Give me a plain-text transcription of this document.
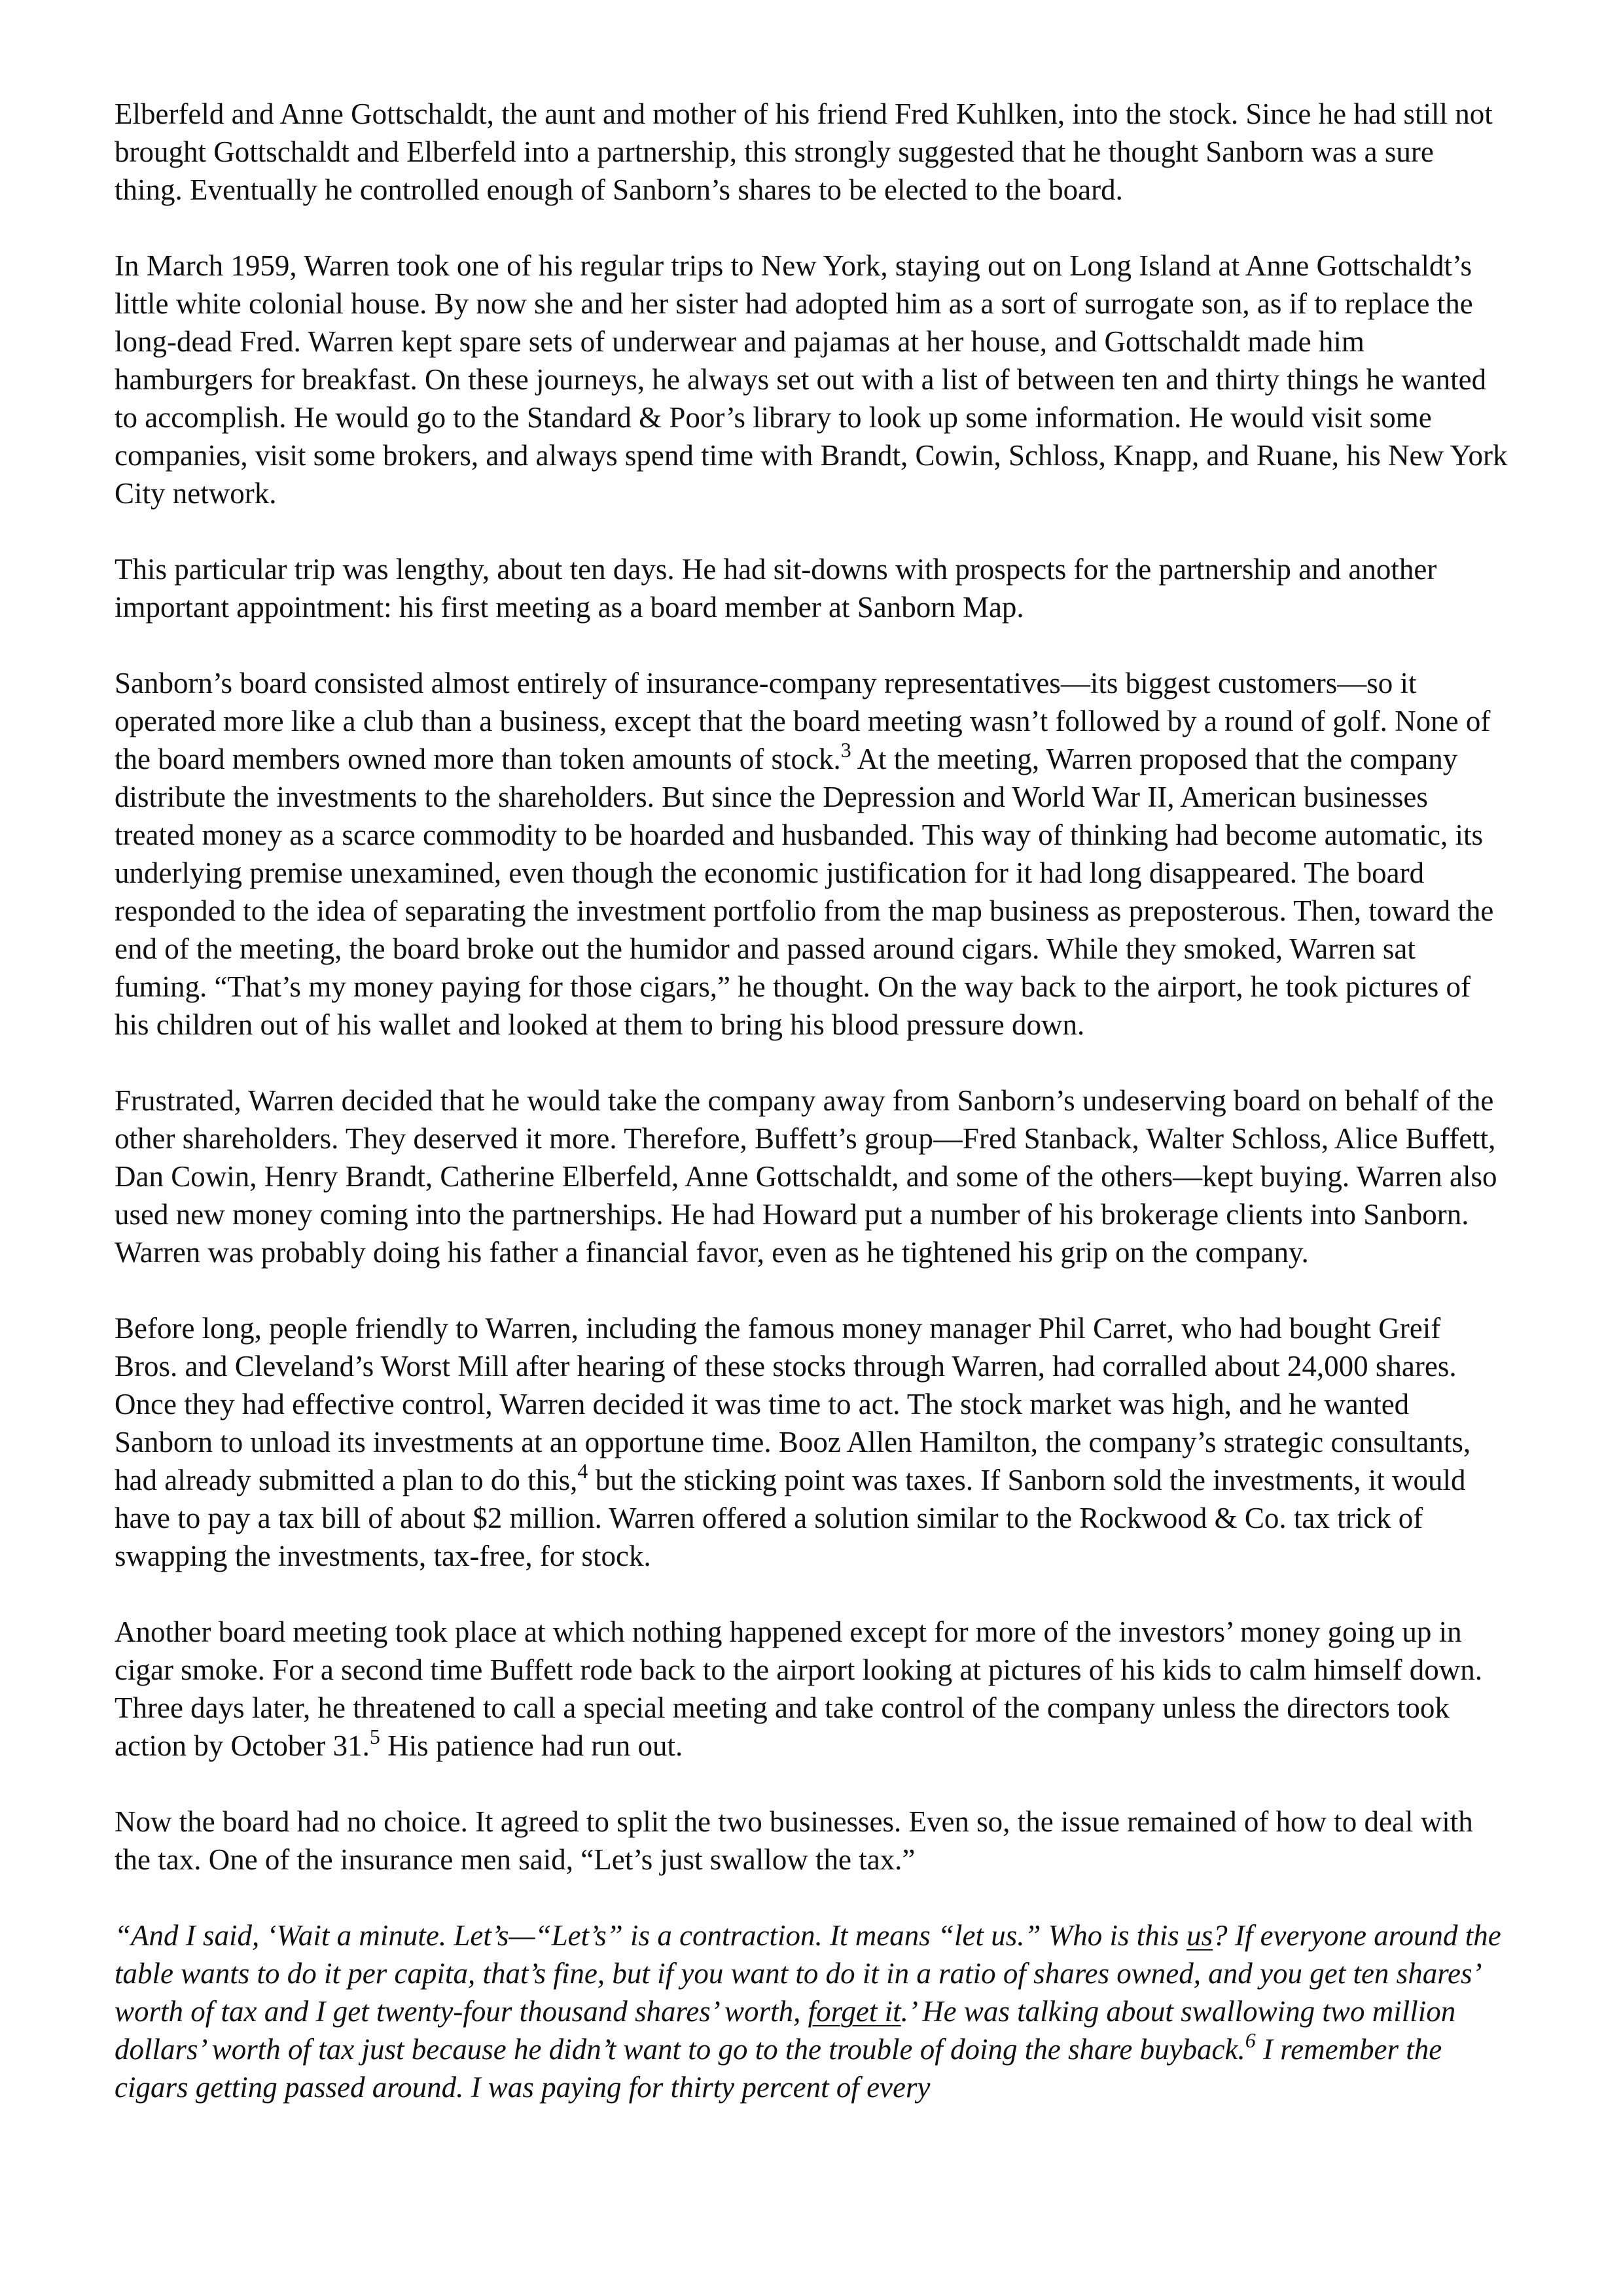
Elberfeld and Anne Gottschaldt, the aunt and mother of his friend Fred Kuhlken, into the stock. Since he had still not brought Gottschaldt and Elberfeld into a partnership, this strongly suggested that he thought Sanborn was a sure thing. Eventually he controlled enough of Sanborn’s shares to be elected to the board.

In March 1959, Warren took one of his regular trips to New York, staying out on Long Island at Anne Gottschaldt’s little white colonial house. By now she and her sister had adopted him as a sort of surrogate son, as if to replace the long-dead Fred. Warren kept spare sets of underwear and pajamas at her house, and Gottschaldt made him hamburgers for breakfast. On these journeys, he always set out with a list of between ten and thirty things he wanted to accomplish. He would go to the Standard & Poor’s library to look up some information. He would visit some companies, visit some brokers, and always spend time with Brandt, Cowin, Schloss, Knapp, and Ruane, his New York City network.

This particular trip was lengthy, about ten days. He had sit-downs with prospects for the partnership and another important appointment: his first meeting as a board member at Sanborn Map.

Sanborn’s board consisted almost entirely of insurance-company representatives—its biggest customers—so it operated more like a club than a business, except that the board meeting wasn’t followed by a round of golf. None of the board members owned more than token amounts of stock.$^3$ At the meeting, Warren proposed that the company distribute the investments to the shareholders. But since the Depression and World War II, American businesses treated money as a scarce commodity to be hoarded and husbanded. This way of thinking had become automatic, its underlying premise unexamined, even though the economic justification for it had long disappeared. The board responded to the idea of separating the investment portfolio from the map business as preposterous. Then, toward the end of the meeting, the board broke out the humidor and passed around cigars. While they smoked, Warren sat fuming. “That’s my money paying for those cigars,” he thought. On the way back to the airport, he took pictures of his children out of his wallet and looked at them to bring his blood pressure down.

Frustrated, Warren decided that he would take the company away from Sanborn’s undeserving board on behalf of the other shareholders. They deserved it more. Therefore, Buffett’s group—Fred Stanback, Walter Schloss, Alice Buffett, Dan Cowin, Henry Brandt, Catherine Elberfeld, Anne Gottschaldt, and some of the others—kept buying. Warren also used new money coming into the partnerships. He had Howard put a number of his brokerage clients into Sanborn. Warren was probably doing his father a financial favor, even as he tightened his grip on the company.

Before long, people friendly to Warren, including the famous money manager Phil Carret, who had bought Greif Bros. and Cleveland’s Worst Mill after hearing of these stocks through Warren, had corralled about 24,000 shares. Once they had effective control, Warren decided it was time to act. The stock market was high, and he wanted Sanborn to unload its investments at an opportune time. Booz Allen Hamilton, the company’s strategic consultants, had already submitted a plan to do this,$^4$ but the sticking point was taxes. If Sanborn sold the investments, it would have to pay a tax bill of about $2 million. Warren offered a solution similar to the Rockwood & Co. tax trick of swapping the investments, tax-free, for stock.

Another board meeting took place at which nothing happened except for more of the investors’ money going up in cigar smoke. For a second time Buffett rode back to the airport looking at pictures of his kids to calm himself down. Three days later, he threatened to call a special meeting and take control of the company unless the directors took action by October 31.$^5$ His patience had run out.

Now the board had no choice. It agreed to split the two businesses. Even so, the issue remained of how to deal with the tax. One of the insurance men said, “Let’s just swallow the tax.”

“And I said, ‘Wait a minute. Let’s—“Let’s” is a contraction. It means “let us.” Who is this us? If everyone around the table wants to do it per capita, that’s fine, but if you want to do it in a ratio of shares owned, and you get ten shares’ worth of tax and I get twenty-four thousand shares’ worth, forget it.’ He was talking about swallowing two million dollars’ worth of tax just because he didn’t want to go to the trouble of doing the share buyback.$^6$ I remember the cigars getting passed around. I was paying for thirty percent of every
